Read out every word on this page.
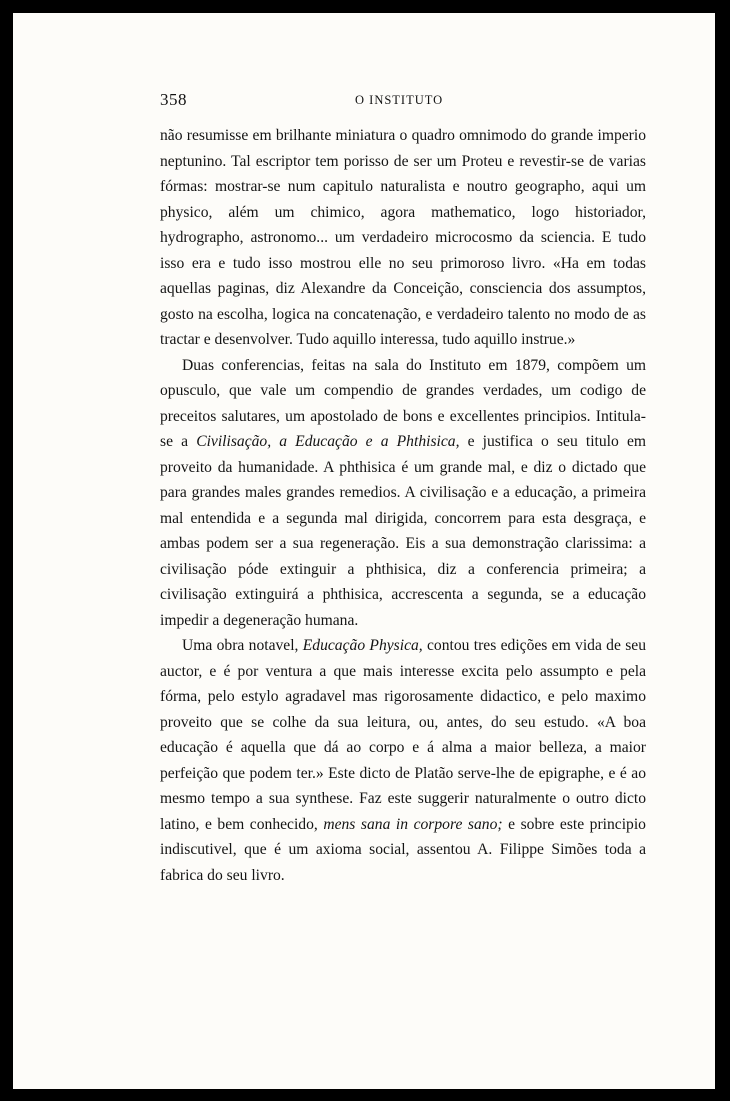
358	O INSTITUTO

não resumisse em brilhante miniatura o quadro omnimodo do grande imperio neptunino. Tal escriptor tem porisso de ser um Proteu e revestir-se de varias fórmas: mostrar-se num capitulo naturalista e noutro geographo, aqui um physico, além um chimico, agora mathematico, logo historiador, hydrographo, astronomo... um verdadeiro microcosmo da sciencia. E tudo isso era e tudo isso mostrou elle no seu primoroso livro. «Ha em todas aquellas paginas, diz Alexandre da Conceição, consciencia dos assumptos, gosto na escolha, logica na concatenação, e verdadeiro talento no modo de as tractar e desenvolver. Tudo aquillo interessa, tudo aquillo instrue.»

Duas conferencias, feitas na sala do Instituto em 1879, compõem um opusculo, que vale um compendio de grandes verdades, um codigo de preceitos salutares, um apostolado de bons e excellentes principios. Intitula-se a Civilisação, a Educação e a Phthisica, e justifica o seu titulo em proveito da humanidade. A phthisica é um grande mal, e diz o dictado que para grandes males grandes remedios. A civilisação e a educação, a primeira mal entendida e a segunda mal dirigida, concorrem para esta desgraça, e ambas podem ser a sua regeneração. Eis a sua demonstração clarissima: a civilisação póde extinguir a phthisica, diz a conferencia primeira; a civilisação extinguirá a phthisica, accrescenta a segunda, se a educação impedir a degeneração humana.

Uma obra notavel, Educação Physica, contou tres edições em vida de seu auctor, e é por ventura a que mais interesse excita pelo assumpto e pela fórma, pelo estylo agradavel mas rigorosamente didactico, e pelo maximo proveito que se colhe da sua leitura, ou, antes, do seu estudo. «A boa educação é aquella que dá ao corpo e á alma a maior belleza, a maior perfeição que podem ter.» Este dicto de Platão serve-lhe de epigraphe, e é ao mesmo tempo a sua synthese. Faz este suggerir naturalmente o outro dicto latino, e bem conhecido, mens sana in corpore sano; e sobre este principio indiscutivel, que é um axioma social, assentou A. Filippe Simões toda a fabrica do seu livro.
